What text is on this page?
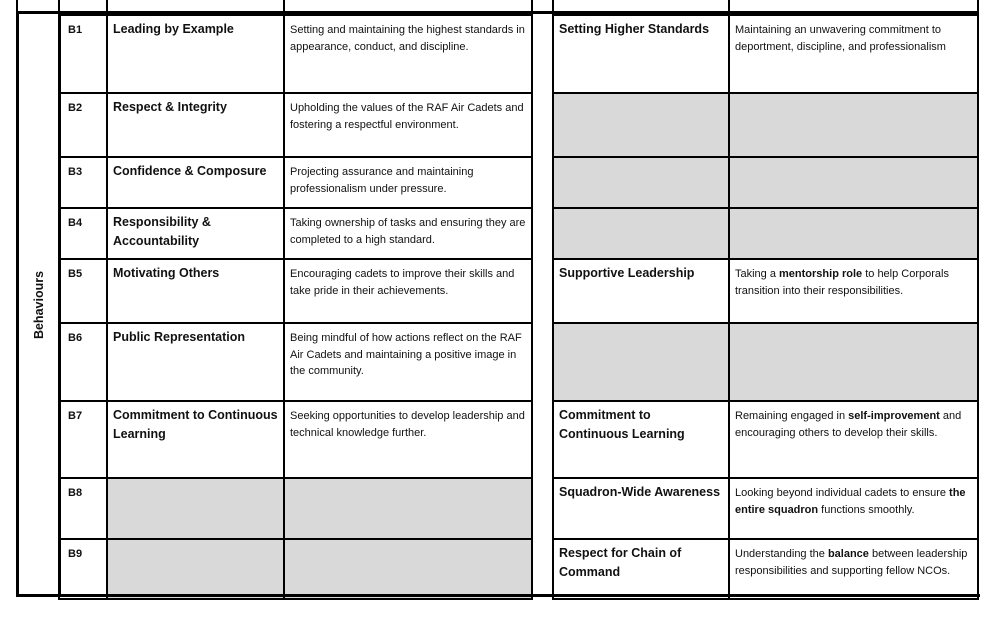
Behaviours
B1	Leading by Example	Setting and maintaining the highest standards in appearance, conduct, and discipline.		Setting Higher Standards	Maintaining an unwavering commitment to deportment, discipline, and professionalism
B2	Respect & Integrity	Upholding the values of the RAF Air Cadets and fostering a respectful environment.			
B3	Confidence & Composure	Projecting assurance and maintaining professionalism under pressure.			
B4	Responsibility & Accountability	Taking ownership of tasks and ensuring they are completed to a high standard.			
B5	Motivating Others	Encouraging cadets to improve their skills and take pride in their achievements.		Supportive Leadership	Taking a mentorship role to help Corporals transition into their responsibilities.
B6	Public Representation	Being mindful of how actions reflect on the RAF Air Cadets and maintaining a positive image in the community.			
B7	Commitment to Continuous Learning	Seeking opportunities to develop leadership and technical knowledge further.		Commitment to Continuous Learning	Remaining engaged in self-improvement and encouraging others to develop their skills.
B8				Squadron-Wide Awareness	Looking beyond individual cadets to ensure the entire squadron functions smoothly.
B9				Respect for Chain of Command	Understanding the balance between leadership responsibilities and supporting fellow NCOs.
